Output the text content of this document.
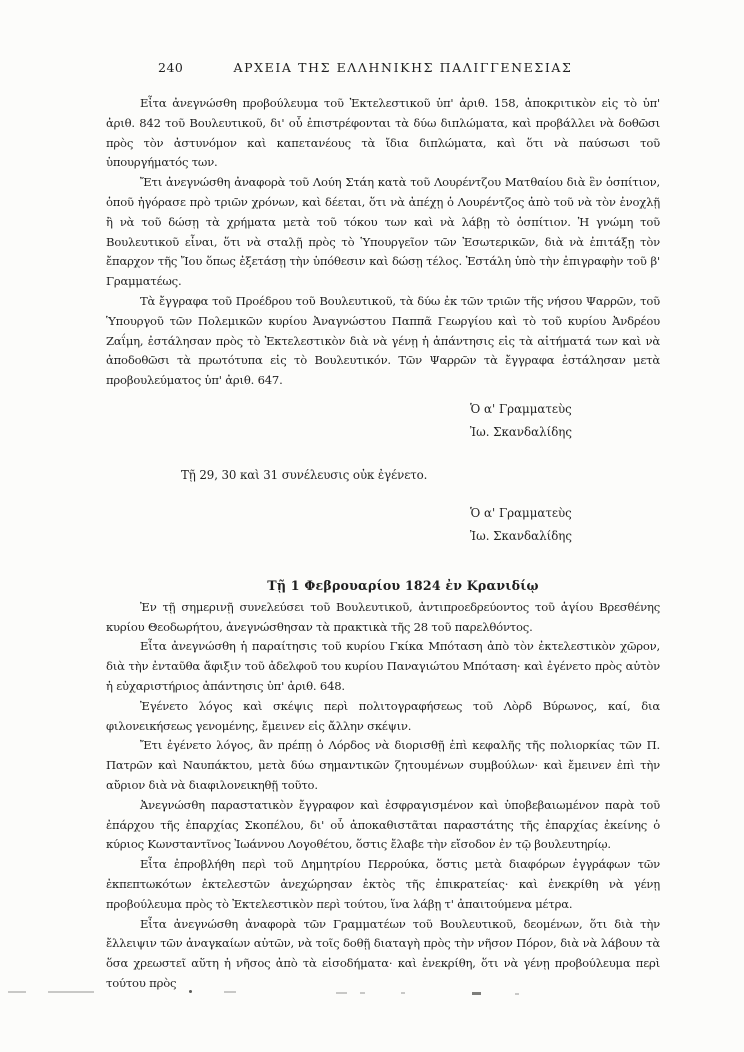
240	ΑΡΧΕΙΑ ΤΗΣ ΕΛΛΗΝΙΚΗΣ ΠΑΛΙΓΓΕΝΕΣΙΑΣ

Εἶτα ἀνεγνώσθη προβούλευμα τοῦ Ἐκτελεστικοῦ ὑπ' ἀριθ. 158, ἀποκριτικὸν εἰς τὸ ὑπ' ἀριθ. 842 τοῦ Βουλευτικοῦ, δι' οὗ ἐπιστρέφονται τὰ δύω διπλώματα, καὶ προβάλλει νὰ δοθῶσι πρὸς τὸν ἀστυνόμον καὶ καπετανέους τὰ ἴδια διπλώματα, καὶ ὅτι νὰ παύσωσι τοῦ ὑπουργήματός των.

Ἔτι ἀνεγνώσθη ἀναφορὰ τοῦ Λούη Στάη κατὰ τοῦ Λουρέντζου Ματθαίου διὰ ἓν ὁσπίτιον, ὁποῦ ἠγόρασε πρὸ τριῶν χρόνων, καὶ δέεται, ὅτι νὰ ἀπέχῃ ὁ Λουρέντζος ἀπὸ τοῦ νὰ τὸν ἐνοχλῇ ἢ νὰ τοῦ δώσῃ τὰ χρήματα μετὰ τοῦ τόκου των καὶ νὰ λάβῃ τὸ ὁσπίτιον. Ἡ γνώμη τοῦ Βουλευτικοῦ εἶναι, ὅτι νὰ σταλῇ πρὸς τὸ Ὑπουργεῖον τῶν Ἐσωτερικῶν, διὰ νὰ ἐπιτάξῃ τὸν ἔπαρχον τῆς Ἴου ὅπως ἐξετάσῃ τὴν ὑπόθεσιν καὶ δώσῃ τέλος. Ἐστάλη ὑπὸ τὴν ἐπιγραφὴν τοῦ β' Γραμματέως.

Τὰ ἔγγραφα τοῦ Προέδρου τοῦ Βουλευτικοῦ, τὰ δύω ἐκ τῶν τριῶν τῆς νήσου Ψαρρῶν, τοῦ Ὑπουργοῦ τῶν Πολεμικῶν κυρίου Ἀναγνώστου Παππᾶ Γεωργίου καὶ τὸ τοῦ κυρίου Ἀνδρέου Ζαΐμη, ἐστάλησαν πρὸς τὸ Ἐκτελεστικὸν διὰ νὰ γένῃ ἡ ἀπάντησις εἰς τὰ αἰτήματά των καὶ νὰ ἀποδοθῶσι τὰ πρωτότυπα εἰς τὸ Βουλευτικόν. Τῶν Ψαρρῶν τὰ ἔγγραφα ἐστάλησαν μετὰ προβουλεύματος ὑπ' ἀριθ. 647.

Ὁ α' Γραμματεὺς
Ἰω. Σκανδαλίδης

Τῇ 29, 30 καὶ 31 συνέλευσις οὐκ ἐγένετο.

Ὁ α' Γραμματεὺς
Ἰω. Σκανδαλίδης
Τῇ 1 Φεβρουαρίου 1824 ἐν Κρανιδίῳ

Ἐν τῇ σημερινῇ συνελεύσει τοῦ Βουλευτικοῦ, ἀντιπροεδρεύοντος τοῦ ἁγίου Βρεσθένης κυρίου Θεοδωρήτου, ἀνεγνώσθησαν τὰ πρακτικὰ τῆς 28 τοῦ παρελθόντος.

Εἶτα ἀνεγνώσθη ἡ παραίτησις τοῦ κυρίου Γκίκα Μπόταση ἀπὸ τὸν ἐκτελεστικὸν χῶρον, διὰ τὴν ἐνταῦθα ἄφιξιν τοῦ ἀδελφοῦ του κυρίου Παναγιώτου Μπόταση· καὶ ἐγένετο πρὸς αὐτὸν ἡ εὐχαριστήριος ἀπάντησις ὑπ' ἀριθ. 648.

Ἐγένετο λόγος καὶ σκέψις περὶ πολιτογραφήσεως τοῦ Λὸρδ Βύρωνος, καί, δια φιλονεικήσεως γενομένης, ἔμεινεν εἰς ἄλλην σκέψιν.

Ἔτι ἐγένετο λόγος, ἂν πρέπῃ ὁ Λόρδος νὰ διορισθῇ ἐπὶ κεφαλῆς τῆς πολιορκίας τῶν Π. Πατρῶν καὶ Ναυπάκτου, μετὰ δύω σημαντικῶν ζητουμένων συμβούλων· καὶ ἔμεινεν ἐπὶ τὴν αὔριον διὰ νὰ διαφιλονεικηθῇ τοῦτο.

Ἀνεγνώσθη παραστατικὸν ἔγγραφον καὶ ἐσφραγισμένον καὶ ὑποβεβαιωμένον παρὰ τοῦ ἐπάρχου τῆς ἐπαρχίας Σκοπέλου, δι' οὗ ἀποκαθιστᾶται παραστάτης τῆς ἐπαρχίας ἐκείνης ὁ κύριος Κωνσταντῖνος Ἰωάννου Λογοθέτου, ὅστις ἔλαβε τὴν εἴσοδον ἐν τῷ βουλευτηρίῳ.

Εἶτα ἐπροβλήθη περὶ τοῦ Δημητρίου Περρούκα, ὅστις μετὰ διαφόρων ἐγγράφων τῶν ἐκπεπτωκότων ἐκτελεστῶν ἀνεχώρησαν ἐκτὸς τῆς ἐπικρατείας· καὶ ἐνεκρίθη νὰ γένῃ προβούλευμα πρὸς τὸ Ἐκτελεστικὸν περὶ τούτου, ἵνα λάβῃ τ' ἀπαιτούμενα μέτρα.

Εἶτα ἀνεγνώσθη ἀναφορὰ τῶν Γραμματέων τοῦ Βουλευτικοῦ, δεομένων, ὅτι διὰ τὴν ἔλλειψιν τῶν ἀναγκαίων αὐτῶν, νὰ τοῖς δοθῇ διαταγὴ πρὸς τὴν νῆσον Πόρον, διὰ νὰ λάβουν τὰ ὅσα χρεωστεῖ αὕτη ἡ νῆσος ἀπὸ τὰ εἰσοδήματα· καὶ ἐνεκρίθη, ὅτι νὰ γένῃ προβούλευμα περὶ τούτου πρὸς
